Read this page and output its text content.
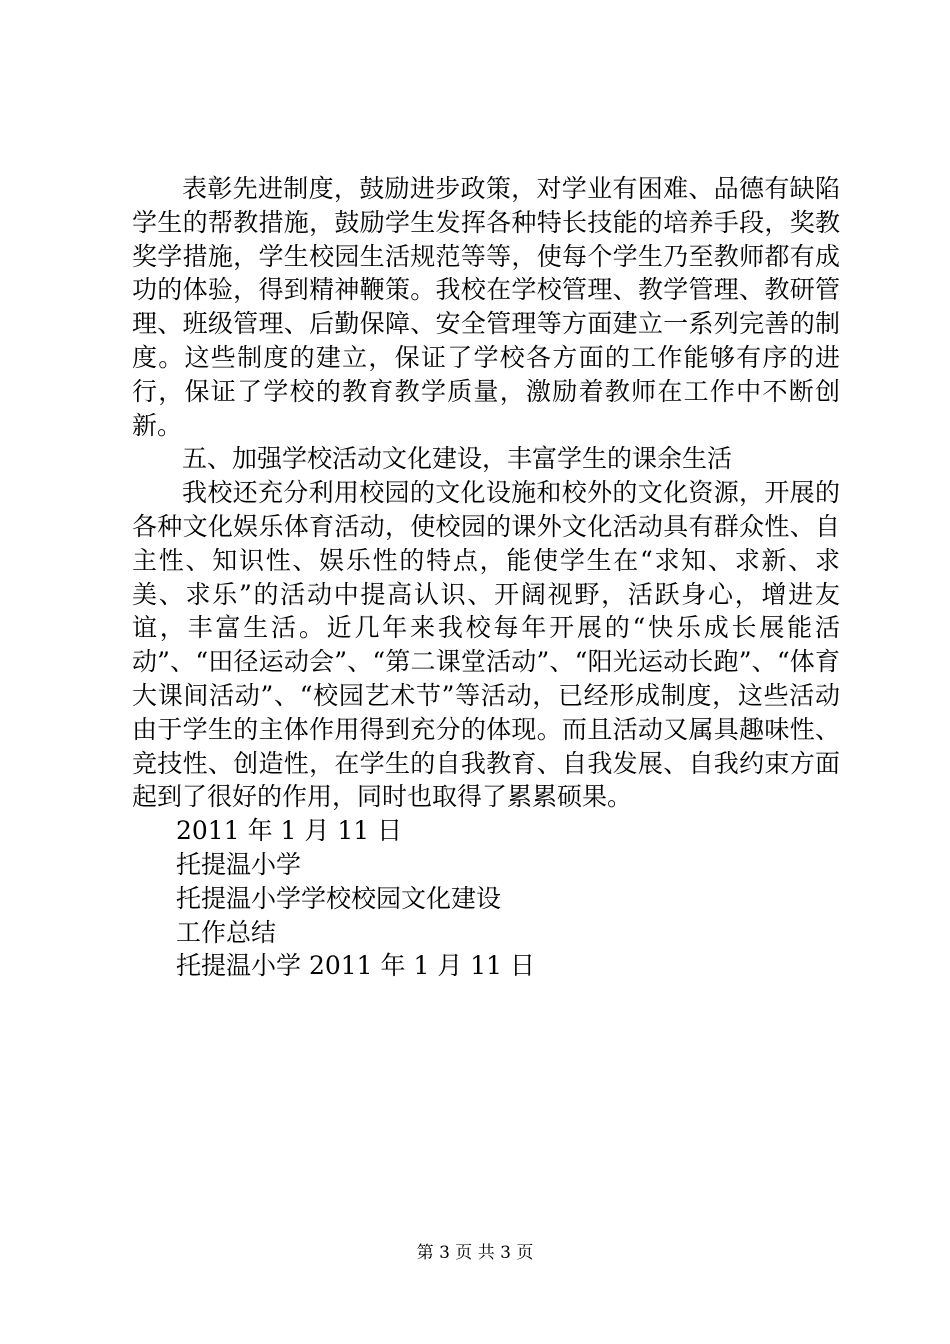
表彰先进制度，鼓励进步政策，对学业有困难、品德有缺陷学生的帮教措施，鼓励学生发挥各种特长技能的培养手段，奖教奖学措施，学生校园生活规范等等，使每个学生乃至教师都有成功的体验，得到精神鞭策。我校在学校管理、教学管理、教研管理、班级管理、后勤保障、安全管理等方面建立一系列完善的制度。这些制度的建立，保证了学校各方面的工作能够有序的进行，保证了学校的教育教学质量，激励着教师在工作中不断创新。

五、加强学校活动文化建设，丰富学生的课余生活

我校还充分利用校园的文化设施和校外的文化资源，开展的各种文化娱乐体育活动，使校园的课外文化活动具有群众性、自主性、知识性、娱乐性的特点，能使学生在“求知、求新、求美、求乐”的活动中提高认识、开阔视野，活跃身心，增进友谊，丰富生活。近几年来我校每年开展的“快乐成长展能活动”、“田径运动会”、“第二课堂活动”、“阳光运动长跑”、“体育大课间活动”、“校园艺术节”等活动，已经形成制度，这些活动由于学生的主体作用得到充分的体现。而且活动又属具趣味性、竞技性、创造性，在学生的自我教育、自我发展、自我约束方面起到了很好的作用，同时也取得了累累硕果。

2011 年 1 月 11 日

托提温小学

托提温小学学校校园文化建设

工作总结

托提温小学 2011 年 1 月 11 日

第 3 页 共 3 页
